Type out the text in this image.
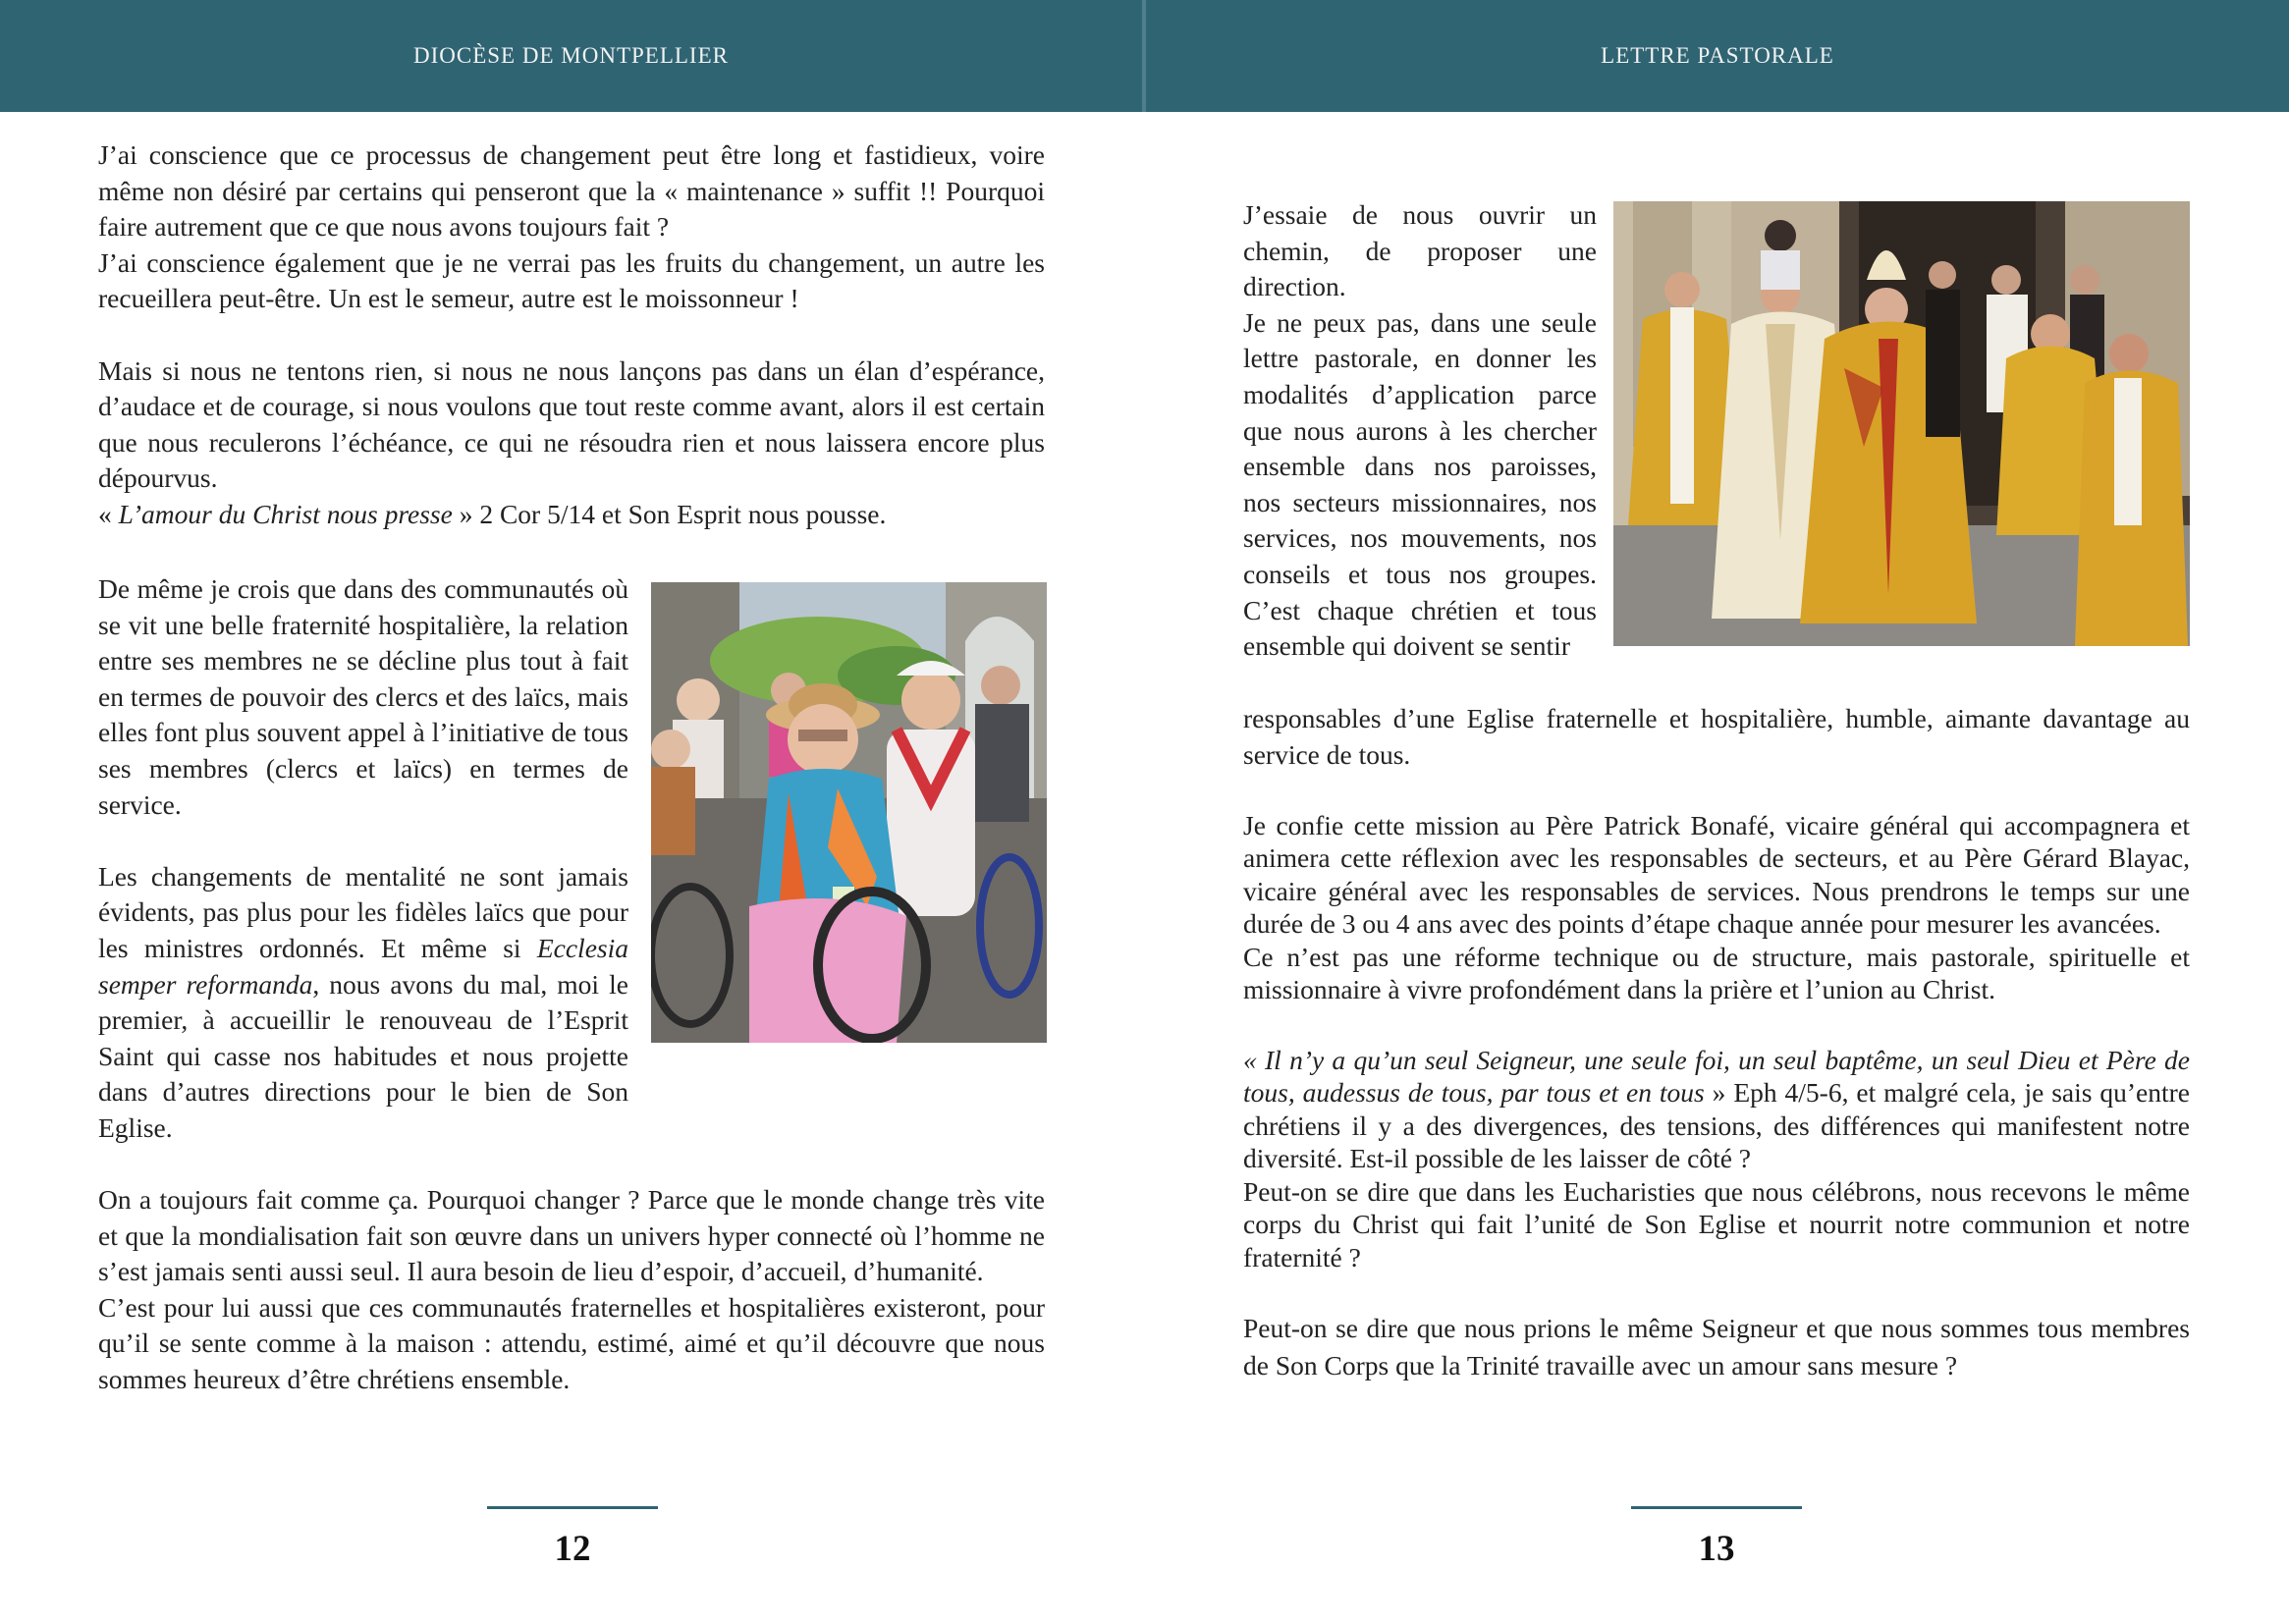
DIOCÈSE DE MONTPELLIER	LETTRE PASTORALE

J’ai conscience que ce processus de changement peut être long et fastidieux, voire même non désiré par certains qui penseront que la « maintenance » suffit !! Pourquoi faire autrement que ce que nous avons toujours fait ?

J’ai conscience également que je ne verrai pas les fruits du changement, un autre les recueillera peut-être. Un est le semeur, autre est le moissonneur !

Mais si nous ne tentons rien, si nous ne nous lançons pas dans un élan d’espérance, d’audace et de courage, si nous voulons que tout reste comme avant, alors il est certain que nous reculerons l’échéance, ce qui ne résoudra rien et nous laissera encore plus dépourvus.

« L’amour du Christ nous presse » 2 Cor 5/14 et Son Esprit nous pousse.

De même je crois que dans des communautés où se vit une belle fraternité hospitalière, la relation entre ses membres ne se décline plus tout à fait en termes de pouvoir des clercs et des laïcs, mais elles font plus souvent appel à l’initiative de tous ses membres (clercs et laïcs) en termes de service.

Les changements de mentalité ne sont jamais évidents, pas plus pour les fidèles laïcs que pour les ministres ordonnés. Et même si Ecclesia semper reformanda, nous avons du mal, moi le premier, à accueillir le renouveau de l’Esprit Saint qui casse nos habitudes et nous projette dans d’autres directions pour le bien de Son Eglise.

On a toujours fait comme ça. Pourquoi changer ? Parce que le monde change très vite et que la mondialisation fait son œuvre dans un univers hyper connecté où l’homme ne s’est jamais senti aussi seul. Il aura besoin de lieu d’espoir, d’accueil, d’humanité.

C’est pour lui aussi que ces communautés fraternelles et hospitalières existeront, pour qu’il se sente comme à la maison : attendu, estimé, aimé et qu’il découvre que nous sommes heureux d’être chrétiens ensemble.

12

J’essaie de nous ouvrir un chemin, de proposer une direction.

Je ne peux pas, dans une seule lettre pastorale, en donner les modalités d’application parce que nous aurons à les chercher ensemble dans nos paroisses, nos secteurs missionnaires, nos services, nos mouvements, nos conseils et tous nos groupes. C’est chaque chrétien et tous ensemble qui doivent se sentir

responsables d’une Eglise fraternelle et hospitalière, humble, aimante davantage au service de tous.

Je confie cette mission au Père Patrick Bonafé, vicaire général qui accompagnera et animera cette réflexion avec les responsables de secteurs, et au Père Gérard Blayac, vicaire général avec les responsables de services. Nous prendrons le temps sur une durée de 3 ou 4 ans avec des points d’étape chaque année pour mesurer les avancées.

Ce n’est pas une réforme technique ou de structure, mais pastorale, spirituelle et missionnaire à vivre profondément dans la prière et l’union au Christ.

« Il n’y a qu’un seul Seigneur, une seule foi, un seul baptême, un seul Dieu et Père de tous, audessus de tous, par tous et en tous » Eph 4/5-6, et malgré cela, je sais qu’entre chrétiens il y a des divergences, des tensions, des différences qui manifestent notre diversité. Est-il possible de les laisser de côté ?

Peut-on se dire que dans les Eucharisties que nous célébrons, nous recevons le même corps du Christ qui fait l’unité de Son Eglise et nourrit notre communion et notre fraternité ?

Peut-on se dire que nous prions le même Seigneur et que nous sommes tous membres de Son Corps que la Trinité travaille avec un amour sans mesure ?

13
